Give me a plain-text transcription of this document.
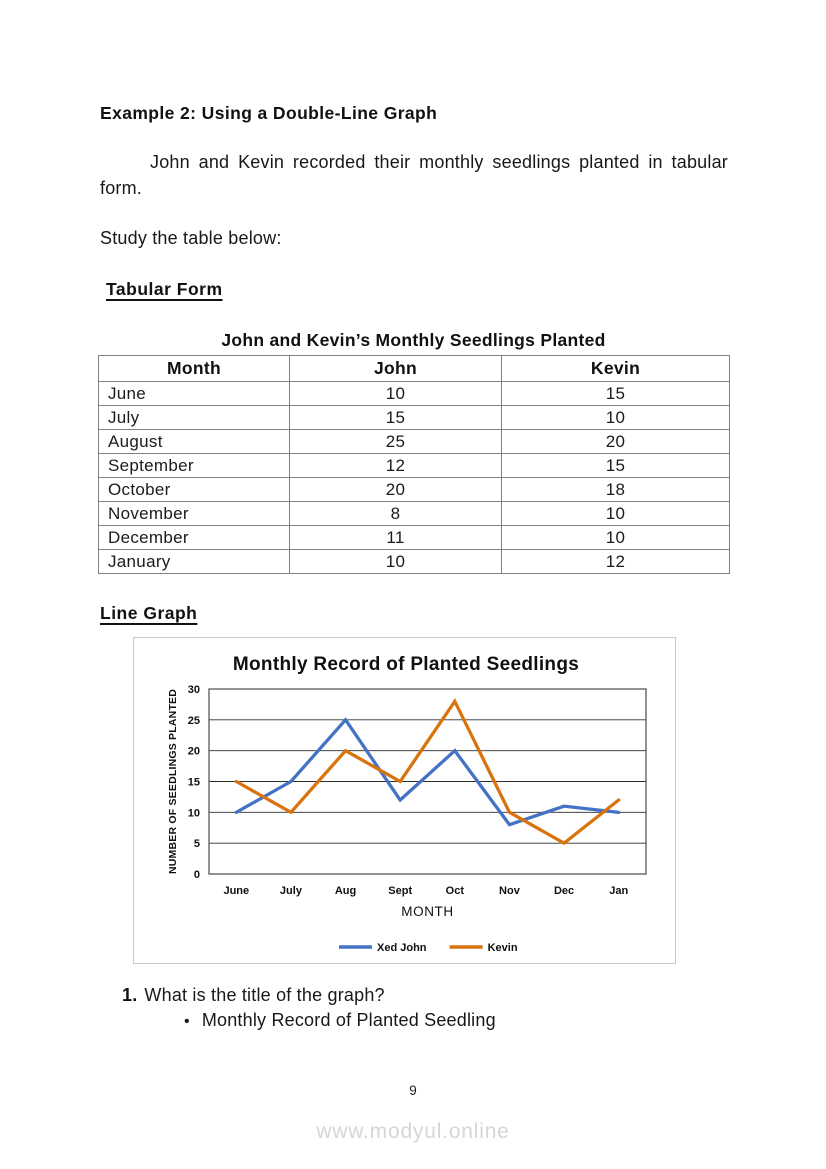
Example 2: Using a Double-Line Graph

John and Kevin recorded their monthly seedlings planted in tabular form.

Study the table below:

Tabular Form
John and Kevin’s Monthly Seedlings Planted
Month	John	Kevin
June	10	15
July	15	10
August	25	20
September	12	15
October	20	18
November	8	10
December	11	10
January	10	12
Line Graph
Monthly Record of Planted Seedlings
0
5
10
15
20
25
30
June	July	Aug	Sept	Oct	Nov	Dec	Jan
MONTH
NUMBER OF SEEDLINGS PLANTED
Xed John	Kevin
1. What is the title of the graph?
• Monthly Record of Planted Seedling
9
www.modyul.online
